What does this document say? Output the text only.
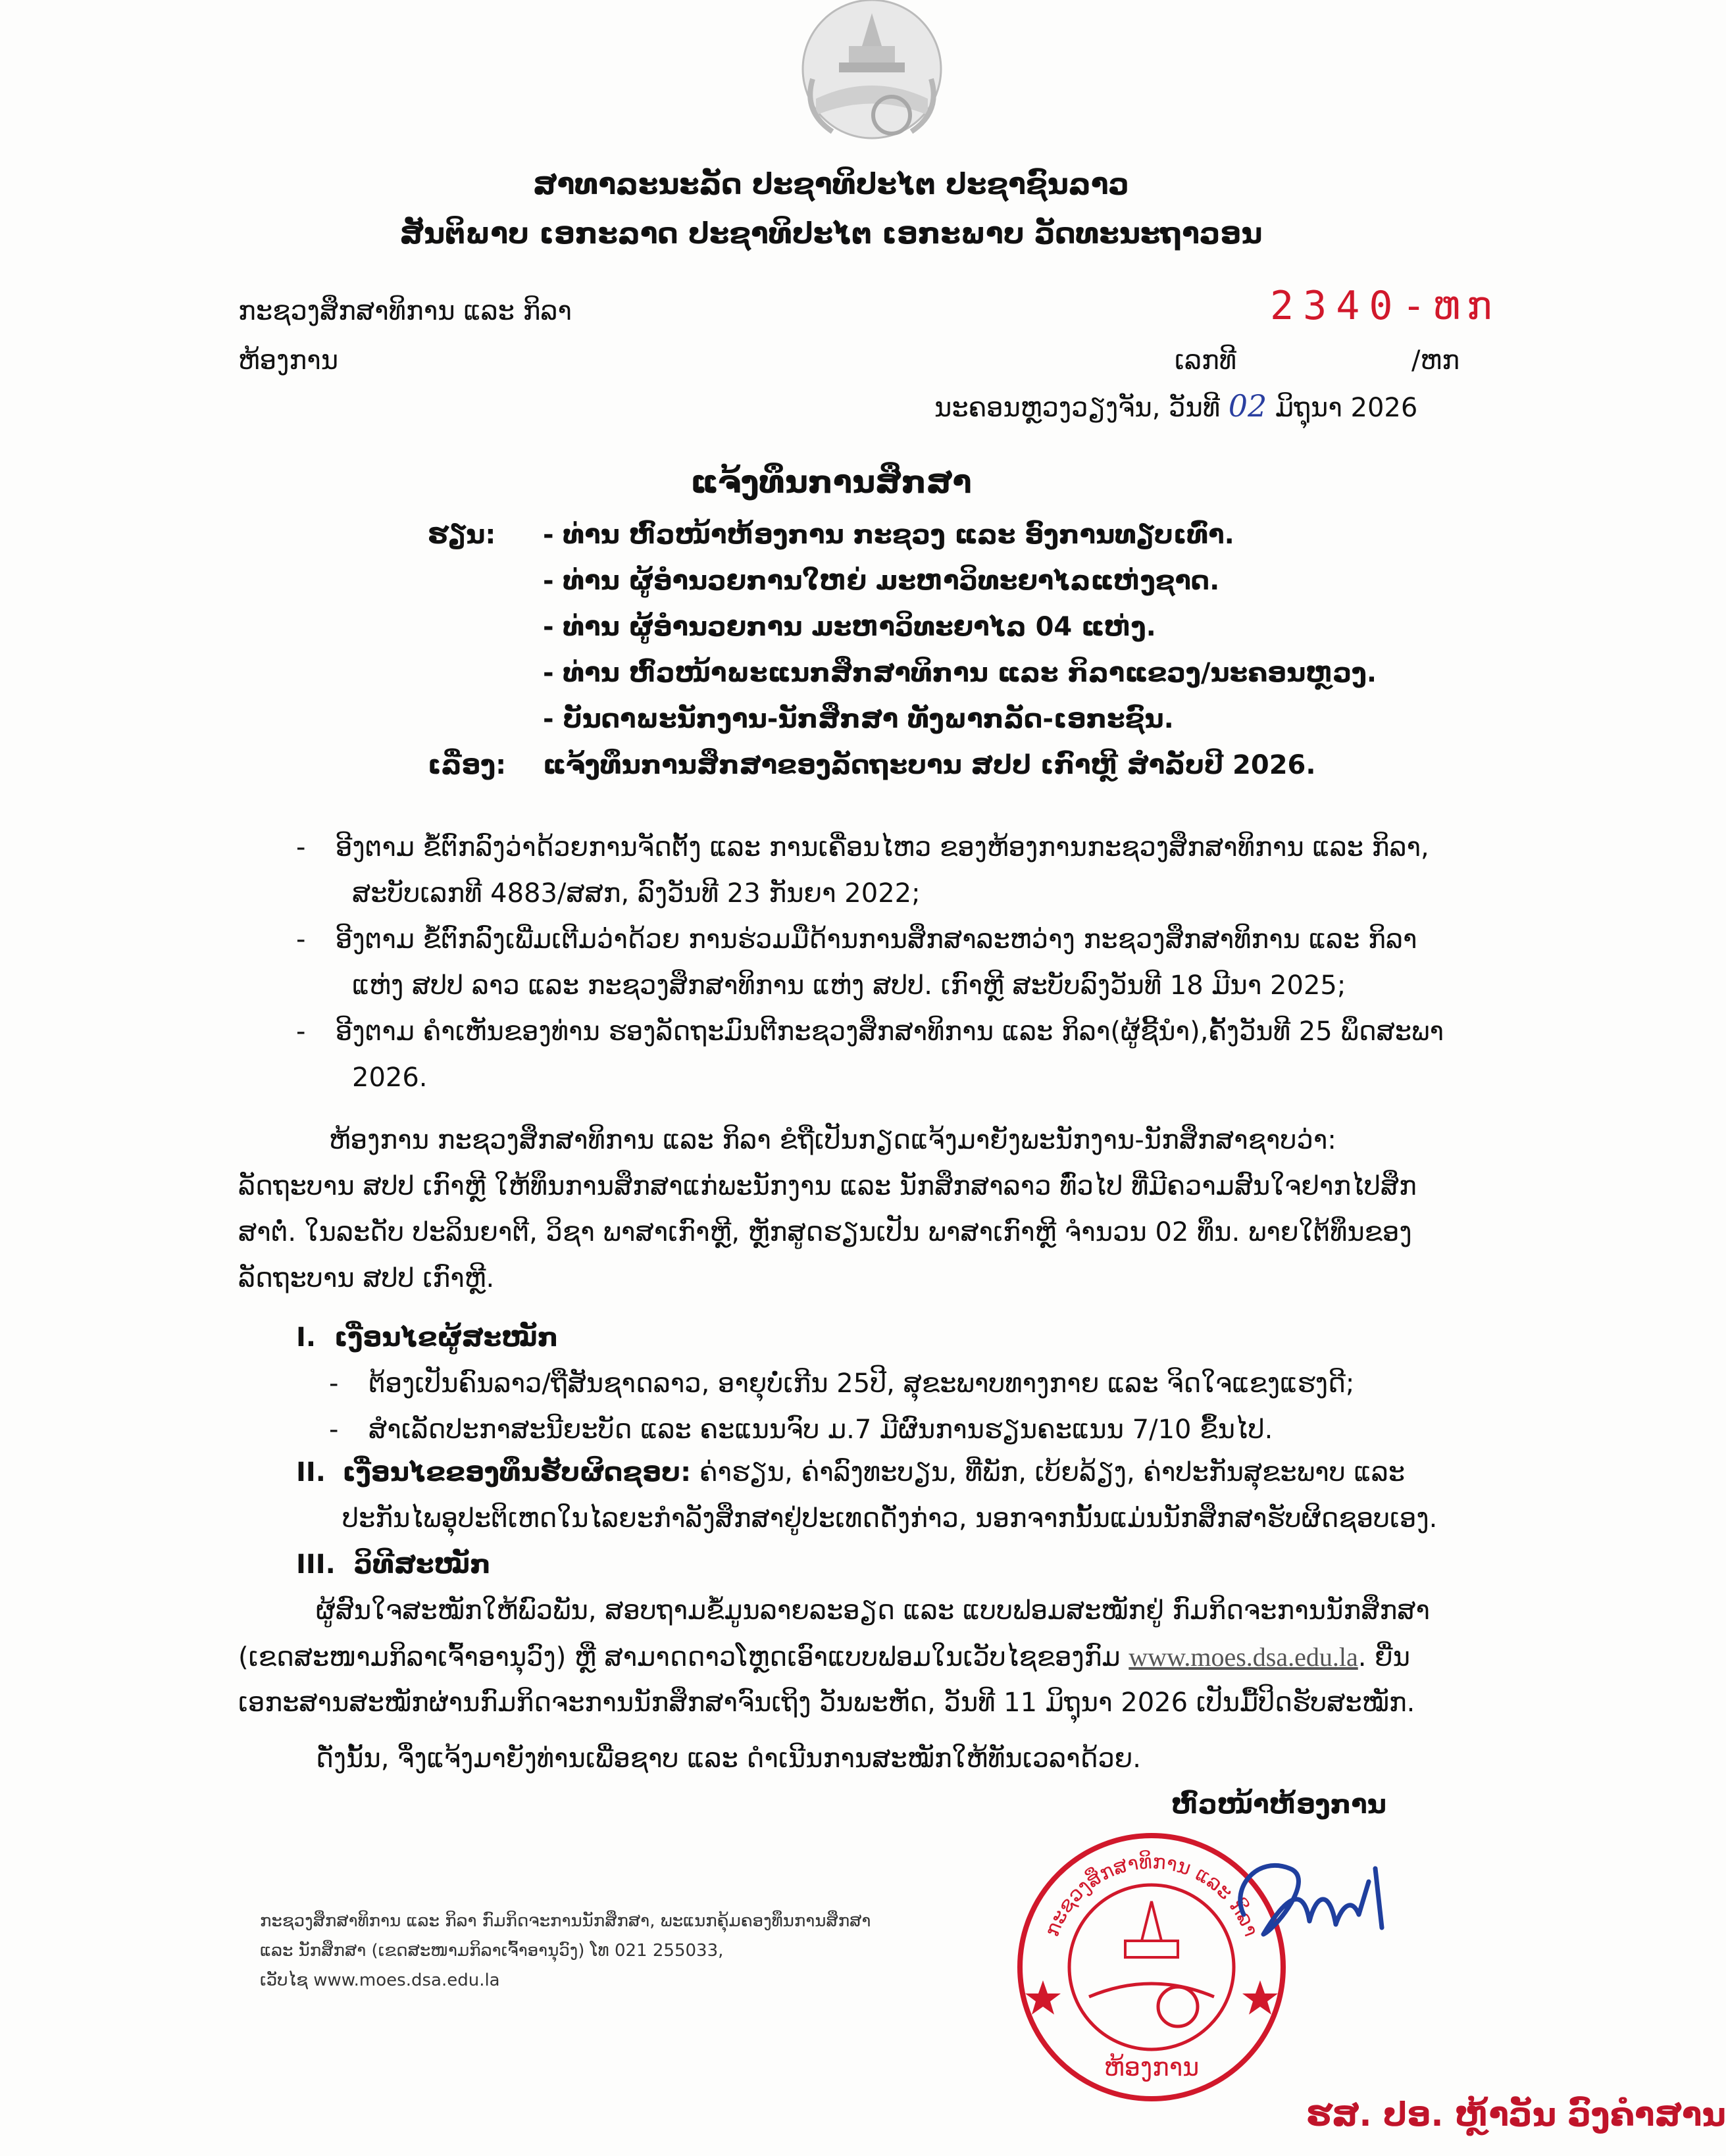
ສາທາລະນະລັດ ປະຊາທິປະໄຕ ປະຊາຊົນລາວ
ສັນຕິພາບ ເອກະລາດ ປະຊາທິປະໄຕ ເອກະພາບ ວັດທະນະຖາວອນ
ກະຊວງສຶກສາທິການ ແລະ ກິລາ
ຫ້ອງການ
2340-ຫກ
ເລກທີ	/ຫກ
ນະຄອນຫຼວງວຽງຈັນ, ວັນທີ 02 ມິຖຸນາ 2026
ແຈ້ງທຶນການສຶກສາ
ຮຽນ: - ທ່ານ ຫົວໜ້າຫ້ອງການ ກະຊວງ ແລະ ອົງການທຽບເທົ່າ.
- ທ່ານ ຜູ້ອຳນວຍການໃຫຍ່ ມະຫາວິທະຍາໄລແຫ່ງຊາດ.
- ທ່ານ ຜູ້ອຳນວຍການ ມະຫາວິທະຍາໄລ 04 ແຫ່ງ.
- ທ່ານ ຫົວໜ້າພະແນກສຶກສາທິການ ແລະ ກິລາແຂວງ/ນະຄອນຫຼວງ.
- ບັນດາພະນັກງານ-ນັກສຶກສາ ທັງພາກລັດ-ເອກະຊົນ.
ເລື່ອງ: ແຈ້ງທຶນການສຶກສາຂອງລັດຖະບານ ສປປ ເກົາຫຼີ ສໍາລັບປີ 2026.
- ອີງຕາມ ຂໍ້ຕົກລົງວ່າດ້ວຍການຈັດຕັ້ງ ແລະ ການເຄື່ອນໄຫວ ຂອງຫ້ອງການກະຊວງສຶກສາທິການ ແລະ ກິລາ,
ສະບັບເລກທີ 4883/ສສກ, ລົງວັນທີ 23 ກັນຍາ 2022;
- ອີງຕາມ ຂໍ້ຕົກລົງເພີ່ມເຕີມວ່າດ້ວຍ ການຮ່ວມມືດ້ານການສຶກສາລະຫວ່າງ ກະຊວງສຶກສາທິການ ແລະ ກິລາ
ແຫ່ງ ສປປ ລາວ ແລະ ກະຊວງສຶກສາທິການ ແຫ່ງ ສປປ. ເກົາຫຼີ ສະບັບລົງວັນທີ 18 ມີນາ 2025;
- ອີງຕາມ ຄຳເຫັນຂອງທ່ານ ຮອງລັດຖະມົນຕີກະຊວງສຶກສາທິການ ແລະ ກິລາ(ຜູ້ຊີ້ນຳ),ຄັ້ງວັນທີ 25 ພຶດສະພາ
2026.
ຫ້ອງການ ກະຊວງສຶກສາທິການ ແລະ ກິລາ ຂໍຖືເປັນກຽດແຈ້ງມາຍັງພະນັກງານ-ນັກສຶກສາຊາບວ່າ:
ລັດຖະບານ ສປປ ເກົາຫຼີ ໃຫ້ທຶນການສຶກສາແກ່ພະນັກງານ ແລະ ນັກສຶກສາລາວ ທົ່ວໄປ ທີ່ມີຄວາມສົນໃຈຢາກໄປສຶກ
ສາຕໍ່. ໃນລະດັບ ປະລິນຍາຕີ, ວິຊາ ພາສາເກົາຫຼີ, ຫຼັກສູດຮຽນເປັນ ພາສາເກົາຫຼີ ຈຳນວນ 02 ທຶນ. ພາຍໃຕ້ທຶນຂອງ
ລັດຖະບານ ສປປ ເກົາຫຼີ.
I. ເງື່ອນໄຂຜູ້ສະໝັກ
- ຕ້ອງເປັນຄົນລາວ/ຖືສັນຊາດລາວ, ອາຍຸບໍ່ເກີນ 25ປີ, ສຸຂະພາບທາງກາຍ ແລະ ຈິດໃຈແຂງແຮງດີ;
- ສໍາເລັດປະກາສະນີຍະບັດ ແລະ ຄະແນນຈົບ ມ.7 ມີຜົນການຮຽນຄະແນນ 7/10 ຂຶ້ນໄປ.
II. ເງື່ອນໄຂຂອງທຶນຮັບຜິດຊອບ: ຄ່າຮຽນ, ຄ່າລົງທະບຽນ, ທີ່ພັກ, ເບ້ຍລ້ຽງ, ຄ່າປະກັນສຸຂະພາບ ແລະ
ປະກັນໄພອຸປະຕິເຫດໃນໄລຍະກຳລັງສຶກສາຢູ່ປະເທດດັ່ງກ່າວ, ນອກຈາກນັ້ນແມ່ນນັກສຶກສາຮັບຜິດຊອບເອງ.
III. ວິທີສະໝັກ
ຜູ້ສົນໃຈສະໝັກໃຫ້ພົວພັນ, ສອບຖາມຂໍ້ມູນລາຍລະອຽດ ແລະ ແບບຟອມສະໝັກຢູ່ ກົມກິດຈະການນັກສຶກສາ
(ເຂດສະໜາມກິລາເຈົ້າອານຸວົງ) ຫຼື ສາມາດດາວໂຫຼດເອົາແບບຟອມໃນເວັບໄຊຂອງກົມ www.moes.dsa.edu.la. ຍື່ນ
ເອກະສານສະໝັກຜ່ານກົມກິດຈະການນັກສຶກສາຈົນເຖິງ ວັນພະຫັດ, ວັນທີ 11 ມິຖຸນາ 2026 ເປັນມື້ປິດຮັບສະໝັກ.
ດັ່ງນັ້ນ, ຈຶ່ງແຈ້ງມາຍັງທ່ານເພື່ອຊາບ ແລະ ດໍາເນີນການສະໝັກໃຫ້ທັນເວລາດ້ວຍ.
ຫົວໜ້າຫ້ອງການ
ກະຊວງສຶກສາທິການ ແລະ ກິລາ
ຫ້ອງການ
ຮສ. ປອ. ຫຼ້າວັນ ວົງຄໍາສານ
ກະຊວງສຶກສາທິການ ແລະ ກິລາ ກົມກິດຈະການນັກສຶກສາ, ພະແນກຄຸ້ມຄອງທຶນການສຶກສາ
ແລະ ນັກສຶກສາ (ເຂດສະໜາມກິລາເຈົ້າອານຸວົງ) ໂທ 021 255033,
ເວັບໄຊ www.moes.dsa.edu.la
